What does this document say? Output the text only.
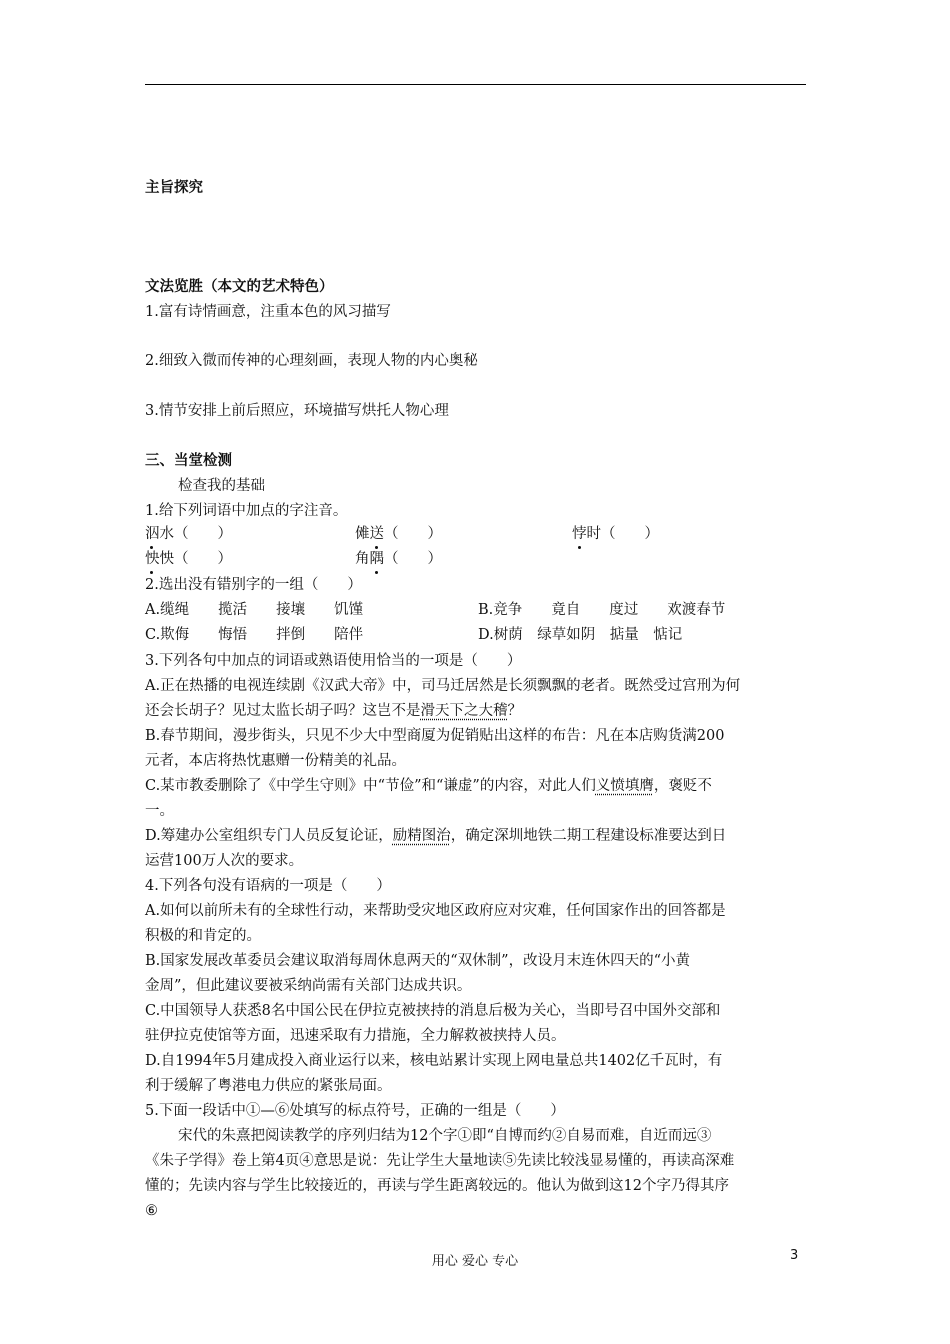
主旨探究
文法览胜（本文的艺术特色）
1.富有诗情画意，注重本色的风习描写
2.细致入微而传神的心理刻画，表现人物的内心奥秘
3.情节安排上前后照应，环境描写烘托人物心理
三、当堂检测
检查我的基础
1.给下列词语中加点的字注音。
泅水（　　）	傩送（　　）	悖时（　　）
怏怏（　　）	角隅（　　）
2.选出没有错别字的一组（　　）
A.缆绳　　揽活　　接壤　　饥馑	B.竞争　　竟自　　度过　　欢渡春节
C.欺侮　　悔悟　　拌倒　　陪伴	D.树荫　绿草如阴　掂量　惦记
3.下列各句中加点的词语或熟语使用恰当的一项是（　　）
A.正在热播的电视连续剧《汉武大帝》中，司马迁居然是长须飘飘的老者。既然受过宫刑为何
还会长胡子？见过太监长胡子吗？这岂不是滑天下之大稽？
B.春节期间，漫步街头，只见不少大中型商厦为促销贴出这样的布告：凡在本店购货满200
元者，本店将热忱惠赠一份精美的礼品。
C.某市教委删除了《中学生守则》中“节俭”和“谦虚”的内容，对此人们义愤填膺，褒贬不
一。
D.筹建办公室组织专门人员反复论证，励精图治，确定深圳地铁二期工程建设标准要达到日
运营100万人次的要求。
4.下列各句没有语病的一项是（　　）
A.如何以前所未有的全球性行动，来帮助受灾地区政府应对灾难，任何国家作出的回答都是
积极的和肯定的。
B.国家发展改革委员会建议取消每周休息两天的“双休制”，改设月末连休四天的“小黄
金周”，但此建议要被采纳尚需有关部门达成共识。
C.中国领导人获悉8名中国公民在伊拉克被挟持的消息后极为关心，当即号召中国外交部和
驻伊拉克使馆等方面，迅速采取有力措施，全力解救被挟持人员。
D.自1994年5月建成投入商业运行以来，核电站累计实现上网电量总共1402亿千瓦时，有
利于缓解了粤港电力供应的紧张局面。
5.下面一段话中①—⑥处填写的标点符号，正确的一组是（　　）
宋代的朱熹把阅读教学的序列归结为12个字①即“自博而约②自易而难，自近而远③
《朱子学得》卷上第4页④意思是说：先让学生大量地读⑤先读比较浅显易懂的，再读高深难
懂的；先读内容与学生比较接近的，再读与学生距离较远的。他认为做到这12个字乃得其序
⑥
用心 爱心 专心	3
